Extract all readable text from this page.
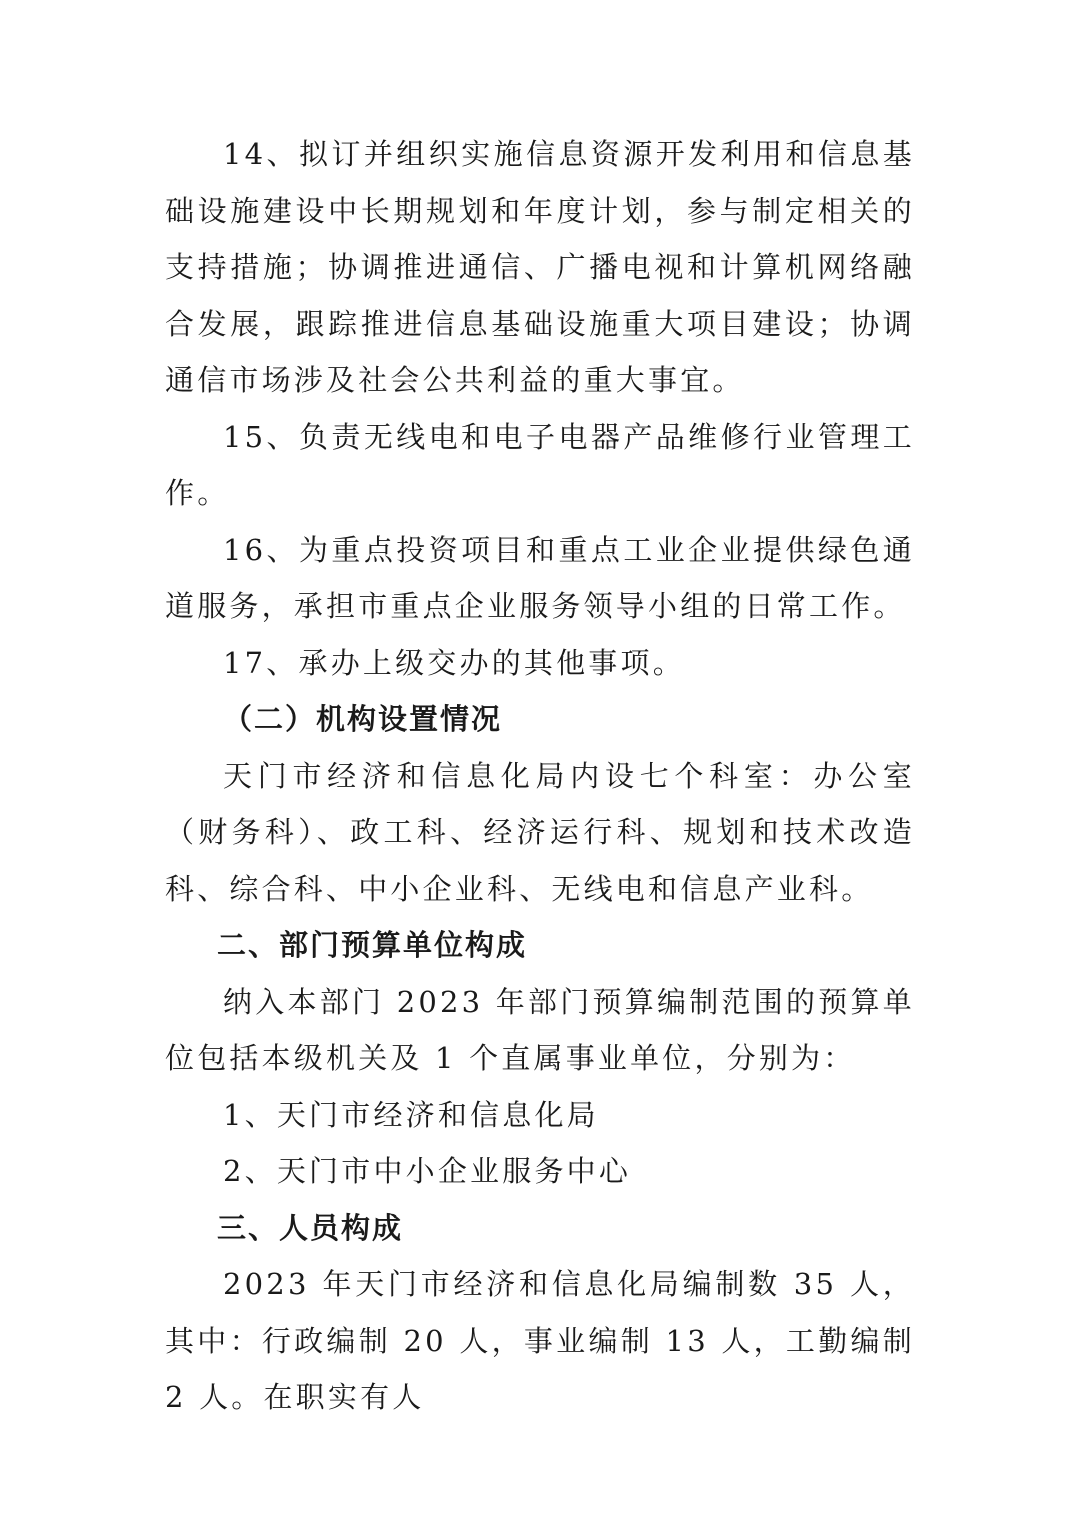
14、拟订并组织实施信息资源开发利用和信息基础设施建设中长期规划和年度计划，参与制定相关的支持措施；协调推进通信、广播电视和计算机网络融合发展，跟踪推进信息基础设施重大项目建设；协调通信市场涉及社会公共利益的重大事宜。

15、负责无线电和电子电器产品维修行业管理工作。

16、为重点投资项目和重点工业企业提供绿色通道服务，承担市重点企业服务领导小组的日常工作。

17、承办上级交办的其他事项。

（二）机构设置情况

天门市经济和信息化局内设七个科室：办公室（财务科）、政工科、经济运行科、规划和技术改造科、综合科、中小企业科、无线电和信息产业科。

二、部门预算单位构成

纳入本部门 2023 年部门预算编制范围的预算单位包括本级机关及 1 个直属事业单位，分别为：

1、天门市经济和信息化局

2、天门市中小企业服务中心

三、人员构成

2023 年天门市经济和信息化局编制数 35 人，其中：行政编制 20 人，事业编制 13 人，工勤编制 2 人。在职实有人
